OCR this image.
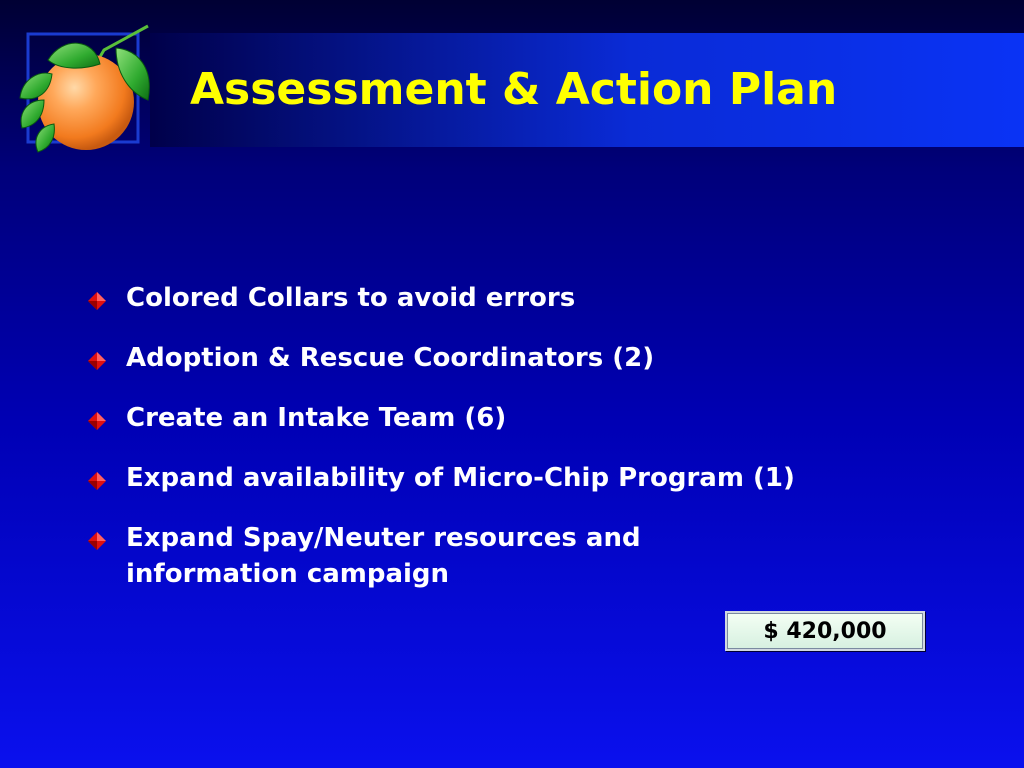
Assessment & Action Plan
Colored Collars to avoid errors
Adoption & Rescue Coordinators (2)
Create an Intake Team (6)
Expand availability of Micro-Chip Program (1)
Expand Spay/Neuter resources and information campaign
$ 420,000
